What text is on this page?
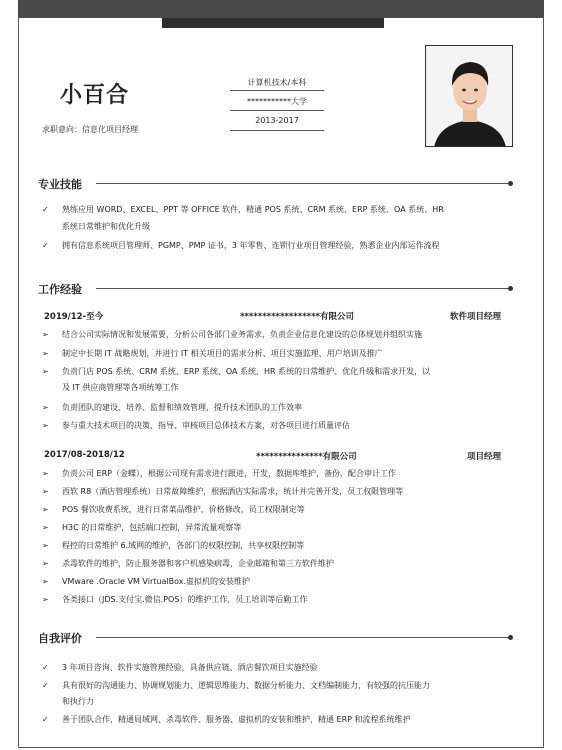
小百合
求职意向：信息化项目经理
计算机技术/本科
***********大学
2013-2017
专业技能
✓ 熟练应用 WORD、EXCEL、PPT 等 OFFICE 软件，精通 POS 系统、CRM 系统、ERP 系统、OA 系统、HR
系统日常维护和优化升级
✓ 拥有信息系统项目管理师、PGMP、PMP 证书，3 年零售、连锁行业项目管理经验，熟悉企业内部运作流程
工作经验
2019/12-至今	******************有限公司	软件项目经理
➢ 结合公司实际情况和发展需要，分析公司各部门业务需求，负责企业信息化建设的总体规划并组织实施
➢ 制定中长期 IT 战略规划，并进行 IT 相关项目的需求分析、项目实施监理、用户培训及推广
➢ 负责门店 POS 系统、CRM 系统、ERP 系统、OA 系统、HR 系统的日常维护、优化升级和需求开发，以
及 IT 供应商管理等各项统筹工作
➢ 负责团队的建设、培养、监督和绩效管理，提升技术团队的工作效率
➢ 参与重大技术项目的决策，指导、审核项目总体技术方案，对各项目进行质量评估
2017/08-2018/12	***************有限公司	项目经理
➢ 负责公司 ERP（金蝶），根据公司现有需求进行跟进，开发，数据库维护，备份，配合审计工作
➢ 西软 R8（酒店管理系统）日常故障维护，根据酒店实际需求，统计并完善开发，员工权限管理等
➢ POS 餐饮收费系统，进行日常菜品维护，价格修改，员工权限制定等
➢ H3C 的日常维护，包括端口控制，异常流量观察等
➢ 程控的日常维护 6.域网的维护，各部门的权限控制，共享权限控制等
➢ 杀毒软件的维护，防止服务器和客户机感染病毒，企业邮箱和第三方软件维护
➢ VMware .Oracle VM VirtualBox.虚拟机的安装维护
➢ 各类接口（JDS.支付宝.微信.POS）的维护工作，员工培训等后勤工作
自我评价
✓ 3 年项目咨询、软件实施管理经验，具备供应链、酒店餐饮项目实施经验
✓ 具有很好的沟通能力、协调规划能力、逻辑思维能力、数据分析能力、文档编制能力，有较强的抗压能力
和执行力
✓ 善于团队合作，精通局域网、杀毒软件、服务器、虚拟机的安装和维护，精通 ERP 和流程系统维护
